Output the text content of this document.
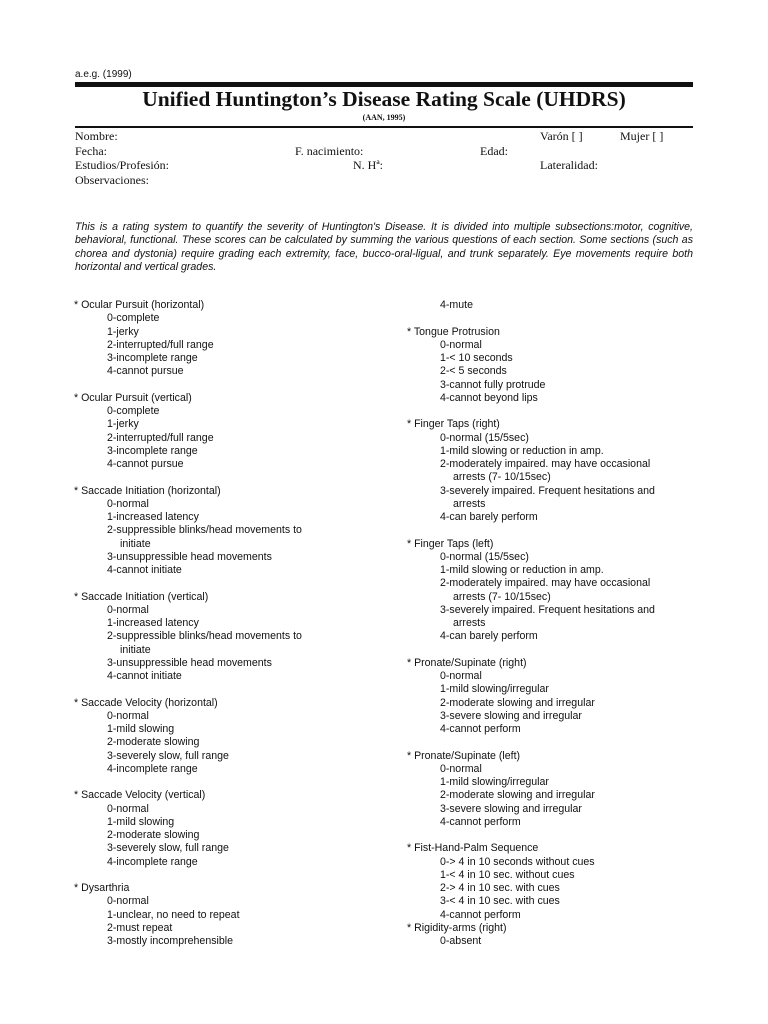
a.e.g. (1999)
Unified Huntington’s Disease Rating Scale (UHDRS)
(AAN, 1995)
Nombre:	Varón [ ]	Mujer [ ]
Fecha:	F. nacimiento:	Edad:
Estudios/Profesión:	N. Hª:	Lateralidad:
Observaciones:
This is a rating system to quantify the severity of Huntington's Disease. It is divided into multiple subsections:motor, cognitive, behavioral, functional. These scores can be calculated by summing the various questions of each section. Some sections (such as chorea and dystonia) require grading each extremity, face, bucco-oral-ligual, and trunk separately. Eye movements require both horizontal and vertical grades.
* Ocular Pursuit (horizontal)
0-complete
1-jerky
2-interrupted/full range
3-incomplete range
4-cannot pursue
* Ocular Pursuit (vertical)
0-complete
1-jerky
2-interrupted/full range
3-incomplete range
4-cannot pursue
* Saccade Initiation (horizontal)
0-normal
1-increased latency
2-suppressible blinks/head movements to
initiate
3-unsuppressible head movements
4-cannot initiate
* Saccade Initiation (vertical)
0-normal
1-increased latency
2-suppressible blinks/head movements to
initiate
3-unsuppressible head movements
4-cannot initiate
* Saccade Velocity (horizontal)
0-normal
1-mild slowing
2-moderate slowing
3-severely slow, full range
4-incomplete range
* Saccade Velocity (vertical)
0-normal
1-mild slowing
2-moderate slowing
3-severely slow, full range
4-incomplete range
* Dysarthria
0-normal
1-unclear, no need to repeat
2-must repeat
3-mostly incomprehensible
4-mute
* Tongue Protrusion
0-normal
1-< 10 seconds
2-< 5 seconds
3-cannot fully protrude
4-cannot beyond lips
* Finger Taps (right)
0-normal (15/5sec)
1-mild slowing or reduction in amp.
2-moderately impaired. may have occasional
arrests (7- 10/15sec)
3-severely impaired. Frequent hesitations and
arrests
4-can barely perform
* Finger Taps (left)
0-normal (15/5sec)
1-mild slowing or reduction in amp.
2-moderately impaired. may have occasional
arrests (7- 10/15sec)
3-severely impaired. Frequent hesitations and
arrests
4-can barely perform
* Pronate/Supinate (right)
0-normal
1-mild slowing/irregular
2-moderate slowing and irregular
3-severe slowing and irregular
4-cannot perform
* Pronate/Supinate (left)
0-normal
1-mild slowing/irregular
2-moderate slowing and irregular
3-severe slowing and irregular
4-cannot perform
* Fist-Hand-Palm Sequence
0-> 4 in 10 seconds without cues
1-< 4 in 10 sec. without cues
2-> 4 in 10 sec. with cues
3-< 4 in 10 sec. with cues
4-cannot perform
* Rigidity-arms (right)
0-absent
